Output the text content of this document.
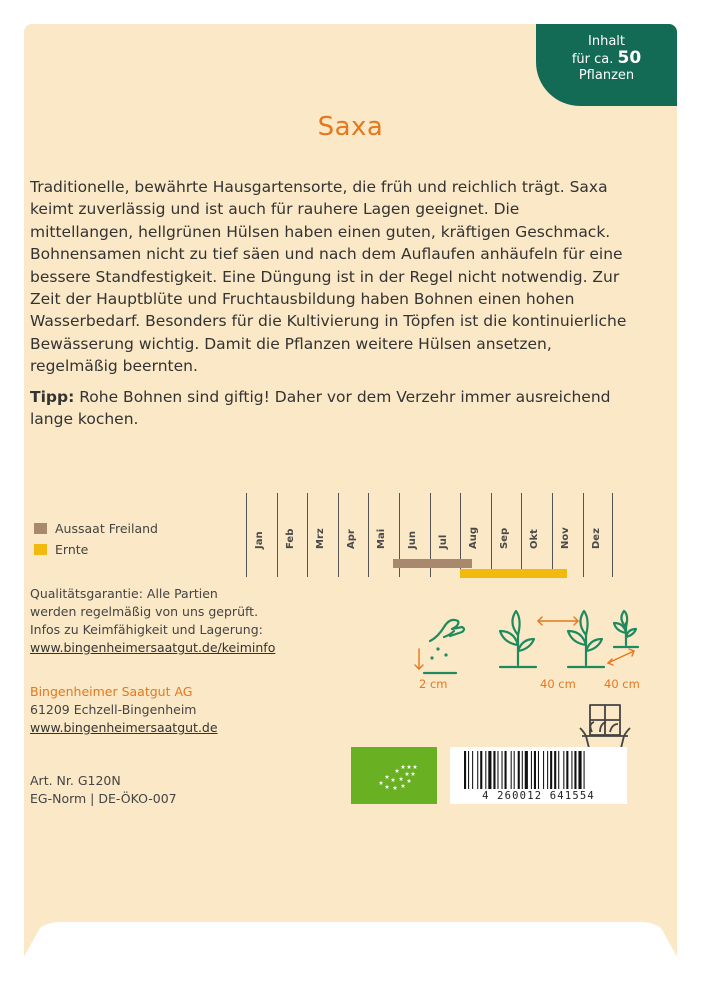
Inhalt
für ca. 50
Pflanzen
Saxa

Traditionelle, bewährte Hausgartensorte, die früh und reichlich trägt. Saxa keimt zuverlässig und ist auch für rauhere Lagen geeignet. Die mittellangen, hellgrünen Hülsen haben einen guten, kräftigen Geschmack. Bohnensamen nicht zu tief säen und nach dem Auflaufen anhäufeln für eine bessere Standfestigkeit. Eine Düngung ist in der Regel nicht notwendig. Zur Zeit der Hauptblüte und Fruchtausbildung haben Bohnen einen hohen Wasserbedarf. Besonders für die Kultivierung in Töpfen ist die kontinuierliche Bewässerung wichtig. Damit die Pflanzen weitere Hülsen ansetzen, regelmäßig beernten.

Tipp: Rohe Bohnen sind giftig! Daher vor dem Verzehr immer ausreichend lange kochen.

Aussaat Freiland
Ernte
Jan Feb Mrz Apr Mai Jun Jul Aug Sep Okt Nov Dez
Qualitätsgarantie: Alle Partien
werden regelmäßig von uns geprüft.
Infos zu Keimfähigkeit und Lagerung:
www.bingenheimersaatgut.de/keiminfo
Bingenheimer Saatgut AG
61209 Echzell-Bingenheim
www.bingenheimersaatgut.de
Art. Nr. G120N
EG-Norm | DE-ÖKO-007
2 cm	40 cm 40 cm
4 260012 641554
